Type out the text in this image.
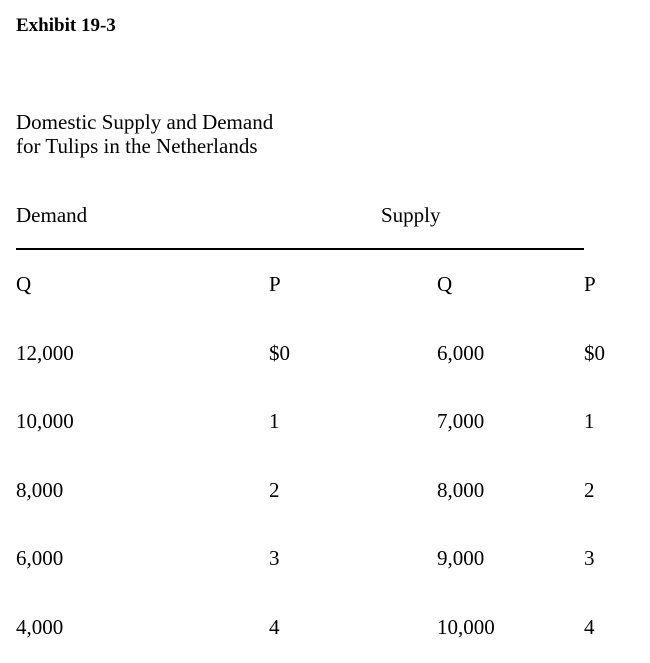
Exhibit 19-3
Domestic Supply and Demand
for Tulips in the Netherlands
Demand	Supply
Q	P	Q	P
12,000	$0	6,000	$0
10,000	1	7,000	1
8,000	2	8,000	2
6,000	3	9,000	3
4,000	4	10,000	4
